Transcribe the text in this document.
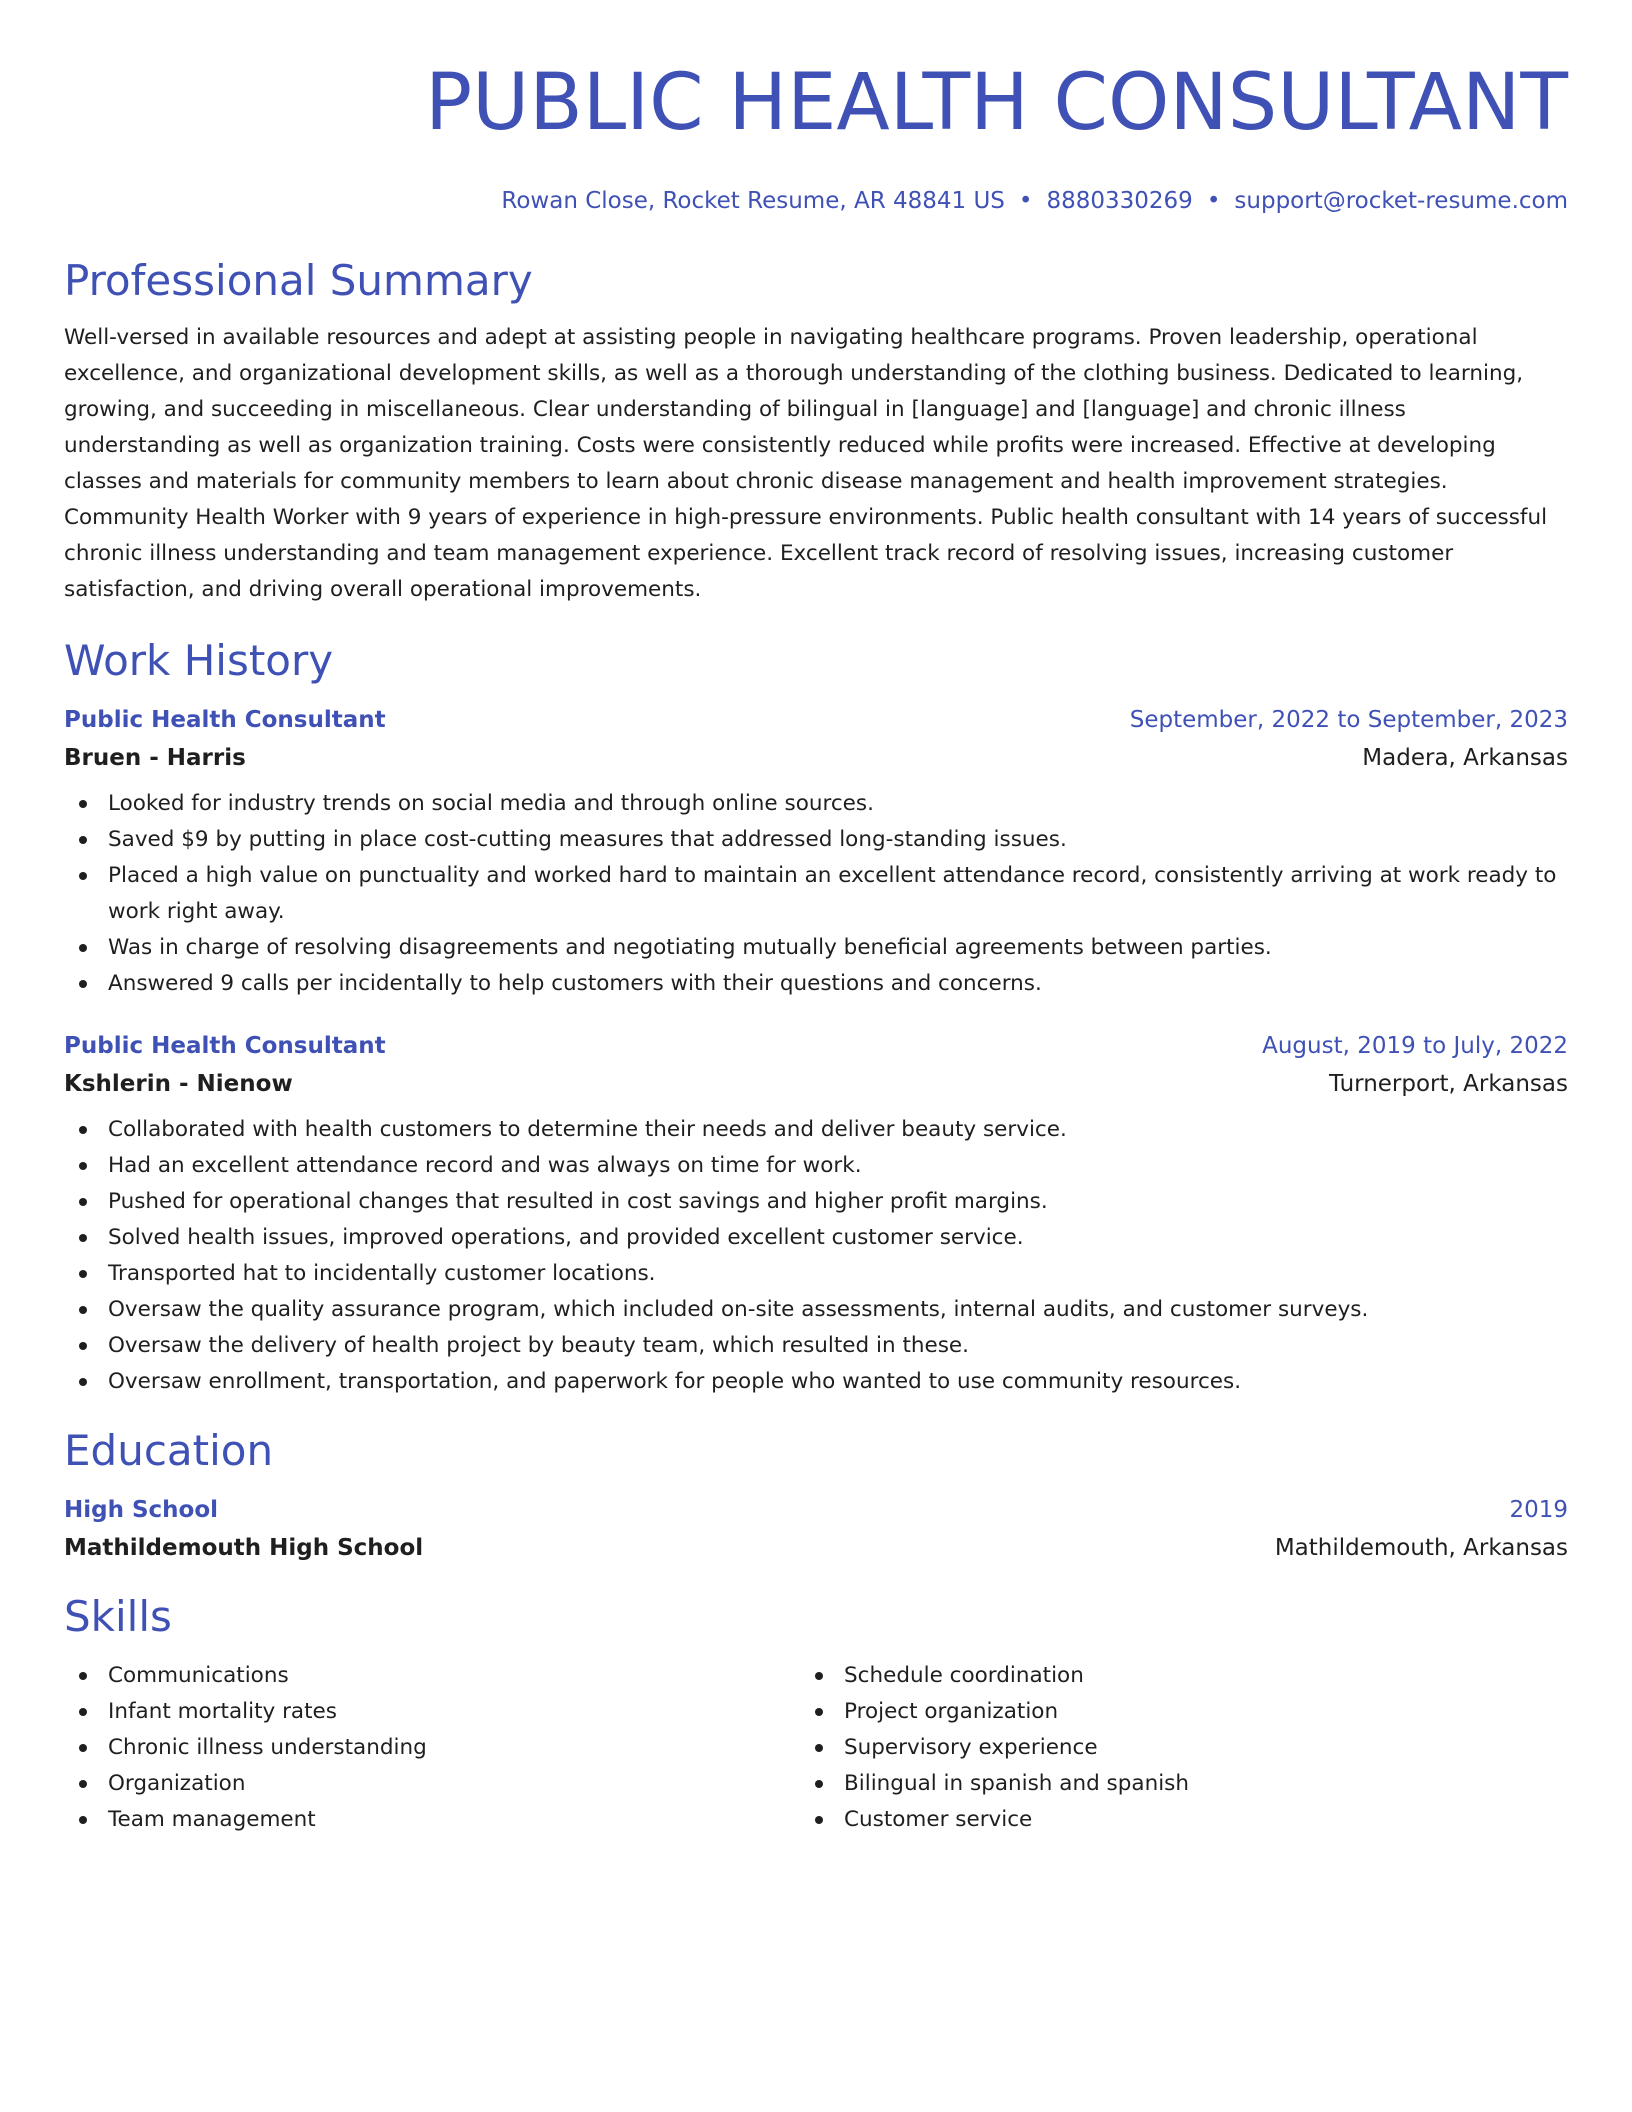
PUBLIC HEALTH CONSULTANT
Rowan Close, Rocket Resume, AR 48841 US • 8880330269 • support@rocket-resume.com
Professional Summary
Well-versed in available resources and adept at assisting people in navigating healthcare programs. Proven leadership, operational excellence, and organizational development skills, as well as a thorough understanding of the clothing business. Dedicated to learning, growing, and succeeding in miscellaneous. Clear understanding of bilingual in [language] and [language] and chronic illness understanding as well as organization training. Costs were consistently reduced while profits were increased. Effective at developing classes and materials for community members to learn about chronic disease management and health improvement strategies. Community Health Worker with 9 years of experience in high-pressure environments. Public health consultant with 14 years of successful chronic illness understanding and team management experience. Excellent track record of resolving issues, increasing customer satisfaction, and driving overall operational improvements.
Work History
Public Health Consultant	September, 2022 to September, 2023
Bruen - Harris	Madera, Arkansas
Looked for industry trends on social media and through online sources.
Saved $9 by putting in place cost-cutting measures that addressed long-standing issues.
Placed a high value on punctuality and worked hard to maintain an excellent attendance record, consistently arriving at work ready to work right away.
Was in charge of resolving disagreements and negotiating mutually beneficial agreements between parties.
Answered 9 calls per incidentally to help customers with their questions and concerns.
Public Health Consultant	August, 2019 to July, 2022
Kshlerin - Nienow	Turnerport, Arkansas
Collaborated with health customers to determine their needs and deliver beauty service.
Had an excellent attendance record and was always on time for work.
Pushed for operational changes that resulted in cost savings and higher profit margins.
Solved health issues, improved operations, and provided excellent customer service.
Transported hat to incidentally customer locations.
Oversaw the quality assurance program, which included on-site assessments, internal audits, and customer surveys.
Oversaw the delivery of health project by beauty team, which resulted in these.
Oversaw enrollment, transportation, and paperwork for people who wanted to use community resources.
Education
High School	2019
Mathildemouth High School	Mathildemouth, Arkansas
Skills
Communications
Infant mortality rates
Chronic illness understanding
Organization
Team management
Schedule coordination
Project organization
Supervisory experience
Bilingual in spanish and spanish
Customer service
